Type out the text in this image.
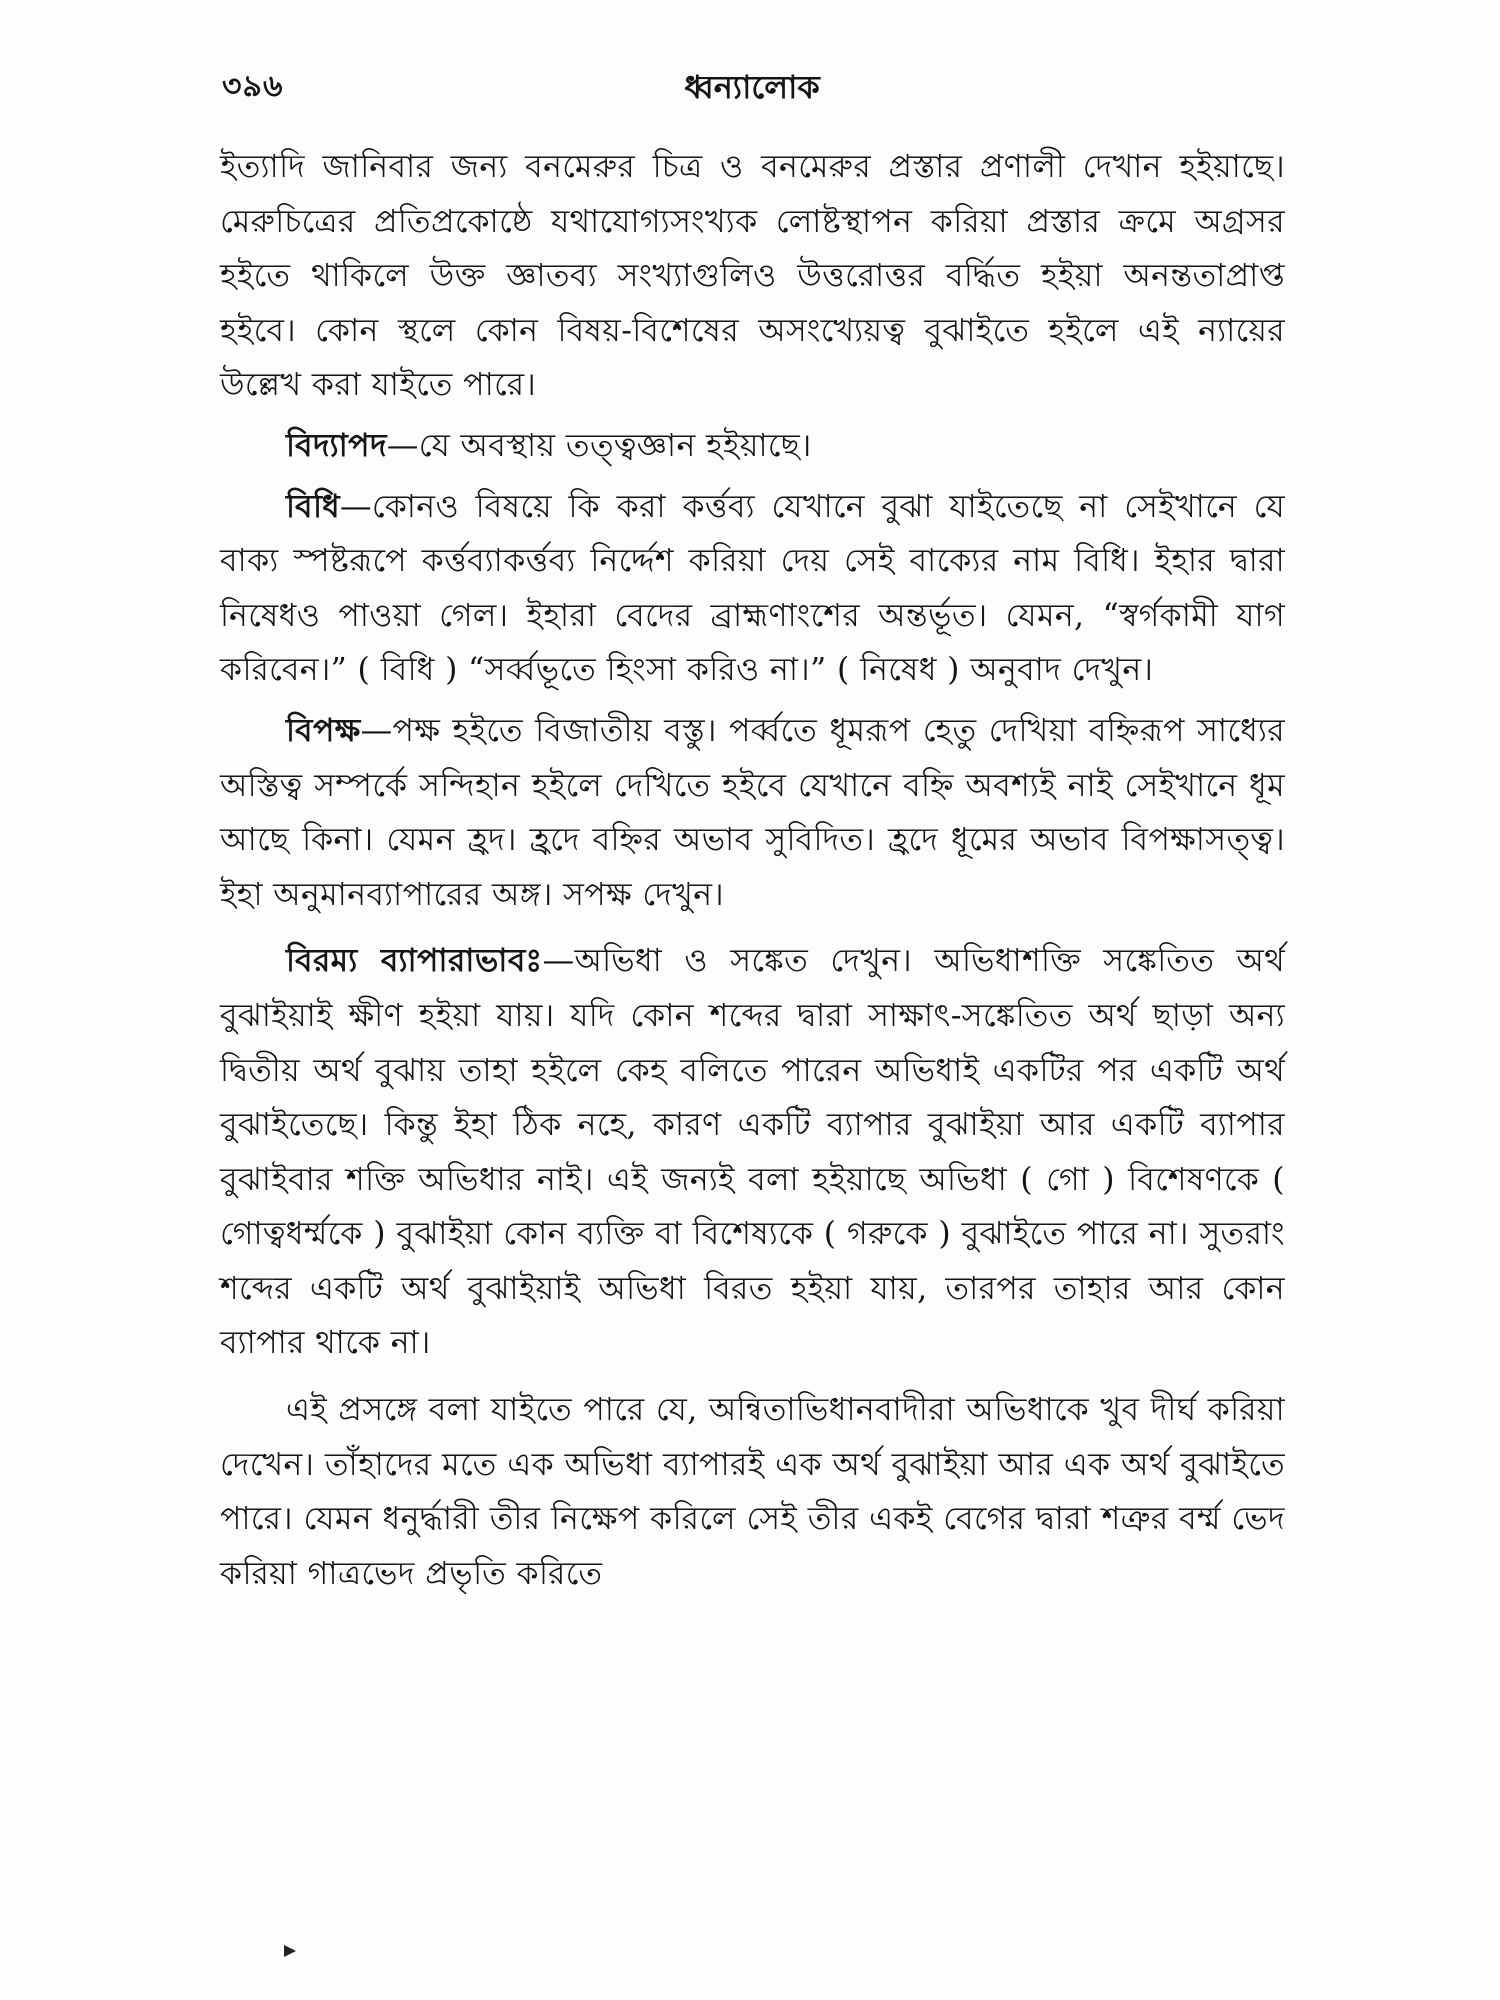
৩৯৬	ধ্বন্যালোক

ইত্যাদি জানিবার জন্য বনমেরুর চিত্র ও বনমেরুর প্রস্তার প্রণালী দেখান হইয়াছে। মেরুচিত্রের প্রতিপ্রকোষ্ঠে যথাযোগ্যসংখ্যক লোষ্টস্থাপন করিয়া প্রস্তার ক্রমে অগ্রসর হইতে থাকিলে উক্ত জ্ঞাতব্য সংখ্যাগুলিও উত্তরোত্তর বর্দ্ধিত হইয়া অনন্ততাপ্রাপ্ত হইবে। কোন স্থলে কোন বিষয়-বিশেষের অসংখ্যেয়ত্ব বুঝাইতে হইলে এই ন্যায়ের উল্লেখ করা যাইতে পারে।

বিদ্যাপদ—যে অবস্থায় তত্ত্বজ্ঞান হইয়াছে।

বিধি—কোনও বিষয়ে কি করা কর্ত্তব্য যেখানে বুঝা যাইতেছে না সেইখানে যে বাক্য স্পষ্টরূপে কর্ত্তব্যাকর্ত্তব্য নির্দ্দেশ করিয়া দেয় সেই বাক্যের নাম বিধি। ইহার দ্বারা নিষেধও পাওয়া গেল। ইহারা বেদের ব্রাহ্মণাংশের অন্তর্ভূত। যেমন, “স্বর্গকামী যাগ করিবেন।” ( বিধি ) “সর্ব্বভূতে হিংসা করিও না।” ( নিষেধ ) অনুবাদ দেখুন।

বিপক্ষ—পক্ষ হইতে বিজাতীয় বস্তু। পর্ব্বতে ধূমরূপ হেতু দেখিয়া বহ্নিরূপ সাধ্যের অস্তিত্ব সম্পর্কে সন্দিহান হইলে দেখিতে হইবে যেখানে বহ্নি অবশ্যই নাই সেইখানে ধূম আছে কিনা। যেমন হ্রদ। হ্রদে বহ্নির অভাব সুবিদিত। হ্রদে ধূমের অভাব বিপক্ষাসত্ত্ব। ইহা অনুমানব্যাপারের অঙ্গ। সপক্ষ দেখুন।

বিরম্য ব্যাপারাভাবঃ—অভিধা ও সঙ্কেত দেখুন। অভিধাশক্তি সঙ্কেতিত অর্থ বুঝাইয়াই ক্ষীণ হইয়া যায়। যদি কোন শব্দের দ্বারা সাক্ষাৎ-সঙ্কেতিত অর্থ ছাড়া অন্য দ্বিতীয় অর্থ বুঝায় তাহা হইলে কেহ বলিতে পারেন অভিধাই একটির পর একটি অর্থ বুঝাইতেছে। কিন্তু ইহা ঠিক নহে, কারণ একটি ব্যাপার বুঝাইয়া আর একটি ব্যাপার বুঝাইবার শক্তি অভিধার নাই। এই জন্যই বলা হইয়াছে অভিধা ( গো ) বিশেষণকে ( গোত্বধর্ম্মকে ) বুঝাইয়া কোন ব্যক্তি বা বিশেষ্যকে ( গরুকে ) বুঝাইতে পারে না। সুতরাং শব্দের একটি অর্থ বুঝাইয়াই অভিধা বিরত হইয়া যায়, তারপর তাহার আর কোন ব্যাপার থাকে না।

এই প্রসঙ্গে বলা যাইতে পারে যে, অন্বিতাভিধানবাদীরা অভিধাকে খুব দীর্ঘ করিয়া দেখেন। তাঁহাদের মতে এক অভিধা ব্যাপারই এক অর্থ বুঝাইয়া আর এক অর্থ বুঝাইতে পারে। যেমন ধনুর্দ্ধারী তীর নিক্ষেপ করিলে সেই তীর একই বেগের দ্বারা শত্রুর বর্ম্ম ভেদ করিয়া গাত্রভেদ প্রভৃতি করিতে
